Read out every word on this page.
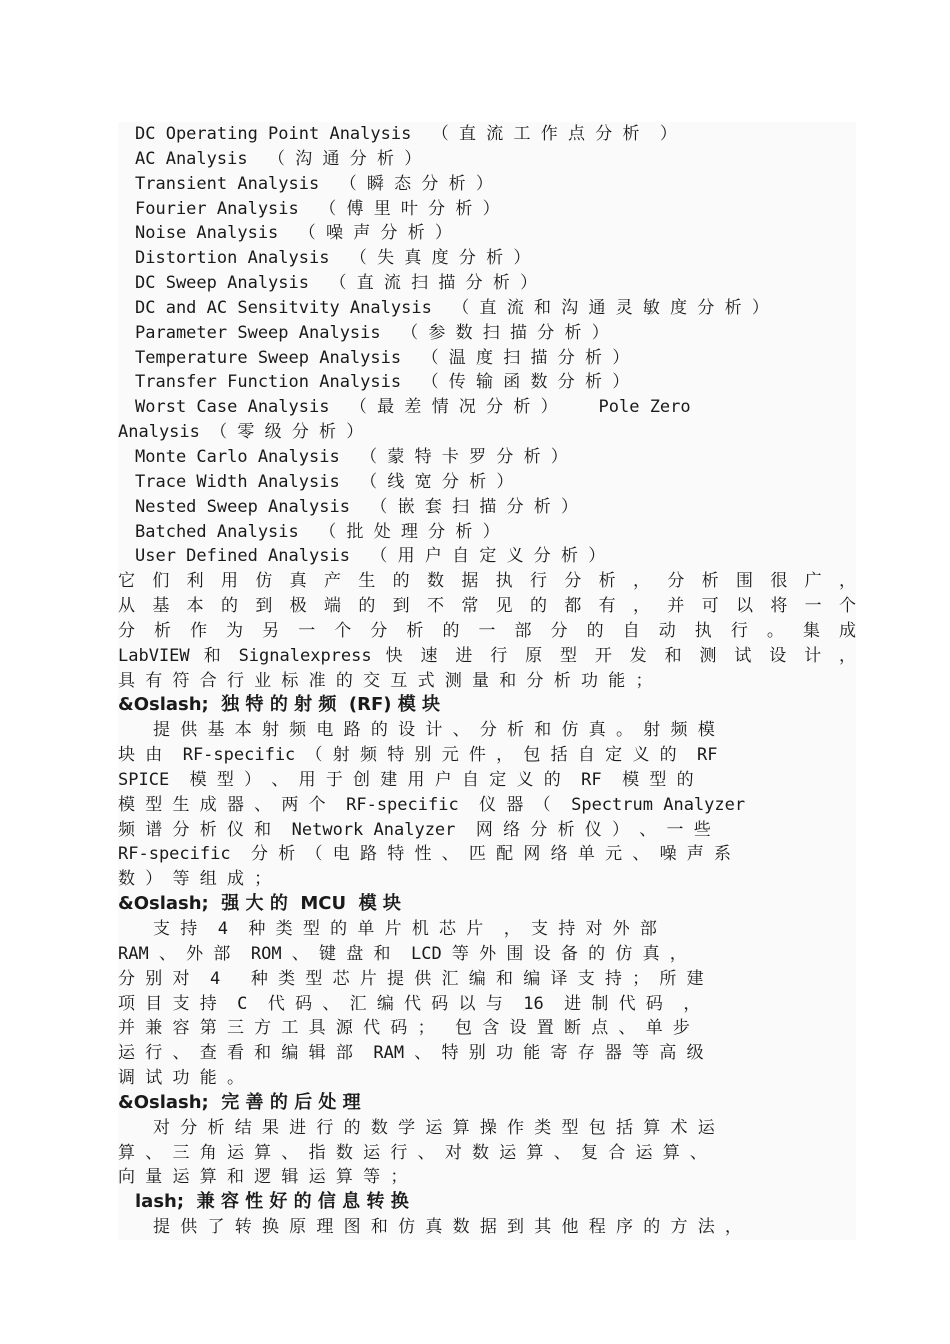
DC Operating Point Analysis  （ 直 流 工 作 点 分 析  ）
AC Analysis  （ 沟 通 分 析 ）
Transient Analysis  （ 瞬 态 分 析 ）
Fourier Analysis  （ 傅 里 叶 分 析 ）
Noise Analysis  （ 噪 声 分 析 ）
Distortion Analysis  （ 失 真 度 分 析 ）
DC Sweep Analysis  （ 直 流 扫 描 分 析 ）
DC and AC Sensitvity Analysis  （ 直 流 和 沟 通 灵 敏 度 分 析 ）
Parameter Sweep Analysis  （ 参 数 扫 描 分 析 ）
Temperature Sweep Analysis  （ 温 度 扫 描 分 析 ）
Transfer Function Analysis  （ 传 输 函 数 分 析 ）
Worst Case Analysis  （ 最 差 情 况 分 析 ）    Pole Zero
Analysis （ 零 级 分 析 ）
Monte Carlo Analysis  （ 蒙 特 卡 罗 分 析 ）
Trace Width Analysis  （ 线 宽 分 析 ）
Nested Sweep Analysis  （ 嵌 套 扫 描 分 析 ）
Batched Analysis  （ 批 处 理 分 析 ）
User Defined Analysis  （ 用 户 自 定 义 分 析 ）
它 们 利 用 仿 真 产 生 的 数 据 执 行 分 析 ， 分 析 围 很 广 ，
从 基 本 的 到 极 端 的 到 不 常 见 的 都 有 ， 并 可 以 将 一 个
分 析 作 为 另 一 个 分 析 的 一 部 分 的 自 动 执 行 。 集 成
LabVIEW 和 Signalexpress 快 速 进 行 原 型 开 发 和 测 试 设 计 ，
具 有 符 合 行 业 标 准 的 交 互 式 测 量 和 分 析 功 能 ；
&Oslash;  独 特 的 射 频  (RF) 模 块
提 供 基 本 射 频 电 路 的 设 计 、 分 析 和 仿 真 。 射 频 模
块 由  RF-specific （ 射 频 特 别 元 件 ， 包 括 自 定 义 的  RF
SPICE  模 型 ） 、 用 于 创 建 用 户 自 定 义 的  RF  模 型 的
模 型 生 成 器 、 两 个  RF-specific  仪 器 （  Spectrum Analyzer
频 谱 分 析 仪 和  Network Analyzer  网 络 分 析 仪 ） 、 一 些
RF-specific  分 析 （ 电 路 特 性 、 匹 配 网 络 单 元 、 噪 声 系
数 ） 等 组 成 ；
&Oslash;  强 大 的  MCU  模 块
支 持  4  种 类 型 的 单 片 机 芯 片  ， 支 持 对 外 部
RAM 、 外 部  ROM 、 键 盘 和  LCD 等 外 围 设 备 的 仿 真 ，
分 别 对  4   种 类 型 芯 片 提 供 汇 编 和 编 译 支 持 ； 所 建
项 目 支 持  C  代 码 、 汇 编 代 码 以 与  16  进 制 代 码  ，
并 兼 容 第 三 方 工 具 源 代 码 ；  包 含 设 置 断 点 、 单 步
运 行 、 查 看 和 编 辑 部  RAM 、 特 别 功 能 寄 存 器 等 高 级
调 试 功 能 。
&Oslash;  完 善 的 后 处 理
对 分 析 结 果 进 行 的 数 学 运 算 操 作 类 型 包 括 算 术 运
算 、 三 角 运 算 、 指 数 运 行 、 对 数 运 算 、 复 合 运 算 、
向 量 运 算 和 逻 辑 运 算 等 ；
lash;  兼 容 性 好 的 信 息 转 换
提 供 了 转 换 原 理 图 和 仿 真 数 据 到 其 他 程 序 的 方 法 ，
